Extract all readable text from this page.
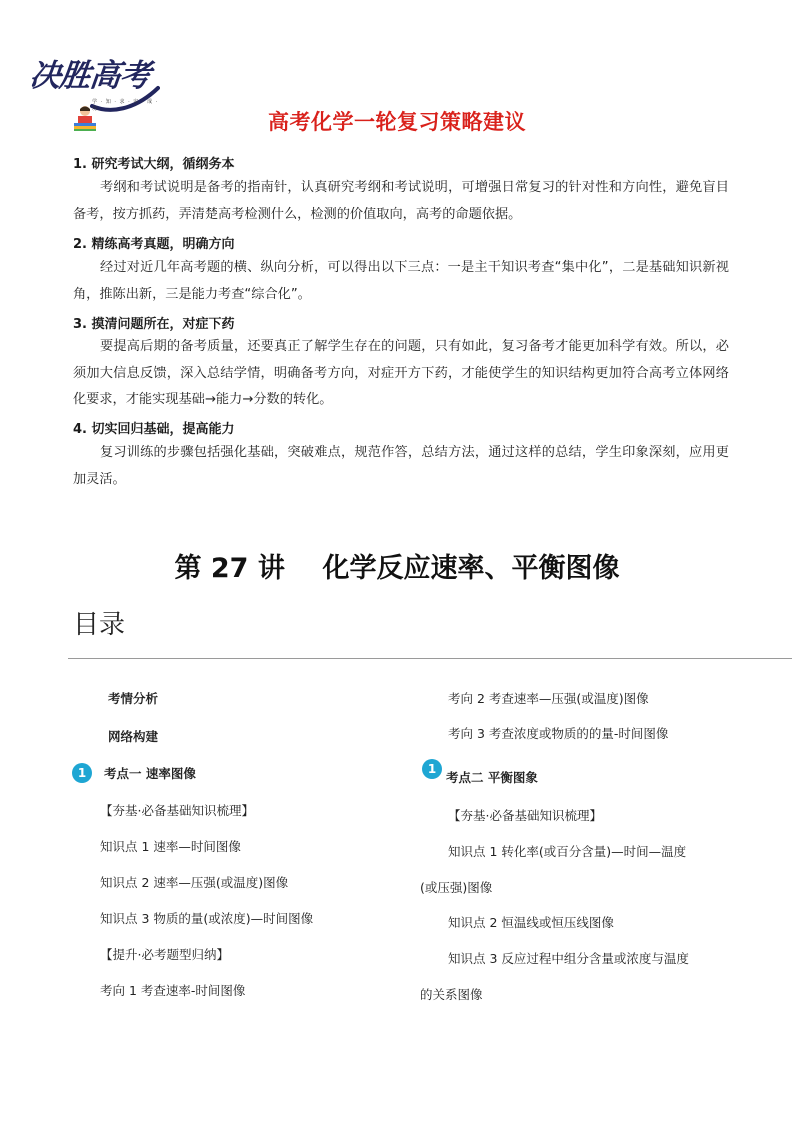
决胜高考
学 · 知 · 求 · 实 · 成 · 功
高考化学一轮复习策略建议
1. 研究考试大纲，循纲务本
考纲和考试说明是备考的指南针，认真研究考纲和考试说明，可增强日常复习的针对性和方向性，避免盲目备考，按方抓药，弄清楚高考检测什么，检测的价值取向，高考的命题依据。
2. 精练高考真题，明确方向
经过对近几年高考题的横、纵向分析，可以得出以下三点：一是主干知识考查“集中化”，二是基础知识新视角，推陈出新，三是能力考查“综合化”。
3. 摸清问题所在，对症下药
要提高后期的备考质量，还要真正了解学生存在的问题，只有如此，复习备考才能更加科学有效。所以，必须加大信息反馈，深入总结学情，明确备考方向，对症开方下药，才能使学生的知识结构更加符合高考立体网络化要求，才能实现基础→能力→分数的转化。
4. 切实回归基础，提高能力
复习训练的步骤包括强化基础，突破难点，规范作答，总结方法，通过这样的总结，学生印象深刻，应用更加灵活。
第 27 讲    化学反应速率、平衡图像
目录
考情分析
网络构建
1	考点一 速率图像
【夯基·必备基础知识梳理】
知识点 1 速率—时间图像
知识点 2 速率—压强(或温度)图像
知识点 3 物质的量(或浓度)—时间图像
【提升·必考题型归纳】
考向 1 考查速率-时间图像
考向 2 考查速率—压强(或温度)图像
考向 3 考查浓度或物质的的量-时间图像
1
考点二 平衡图象
【夯基·必备基础知识梳理】
知识点 1 转化率(或百分含量)—时间—温度
(或压强)图像
知识点 2 恒温线或恒压线图像
知识点 3 反应过程中组分含量或浓度与温度
的关系图像
